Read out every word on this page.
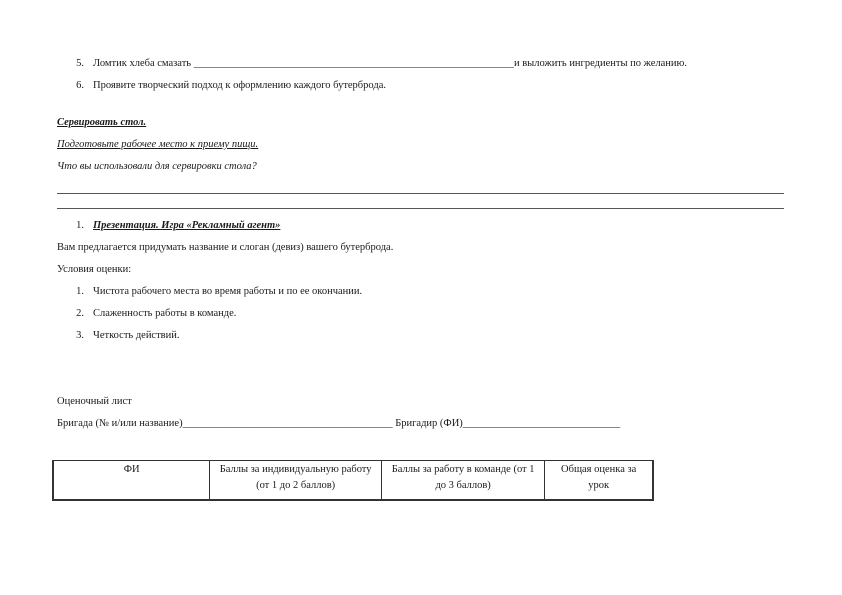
5. Ломтик хлеба смазать _____________________________________________________________и выложить ингредиенты по желанию.
6. Проявите творческий подход к оформлению каждого бутерброда.
Сервировать стол.
Подготовьте рабочее место к приему пищи.
Что вы использовали для сервировки стола?
1. Презентация. Игра «Рекламный агент»
Вам предлагается придумать название и слоган (девиз) вашего бутерброда.
Условия оценки:
1. Чистота рабочего места во время работы и по ее окончании.
2. Слаженность работы в команде.
3. Четкость действий.
Оценочный лист
Бригада (№ и/или название)________________________________________ Бригадир (ФИ)______________________________
ФИ	Баллы за индивидуальную работу (от 1 до 2 баллов)	Баллы за работу в команде (от 1 до 3 баллов)	Общая оценка за урок
